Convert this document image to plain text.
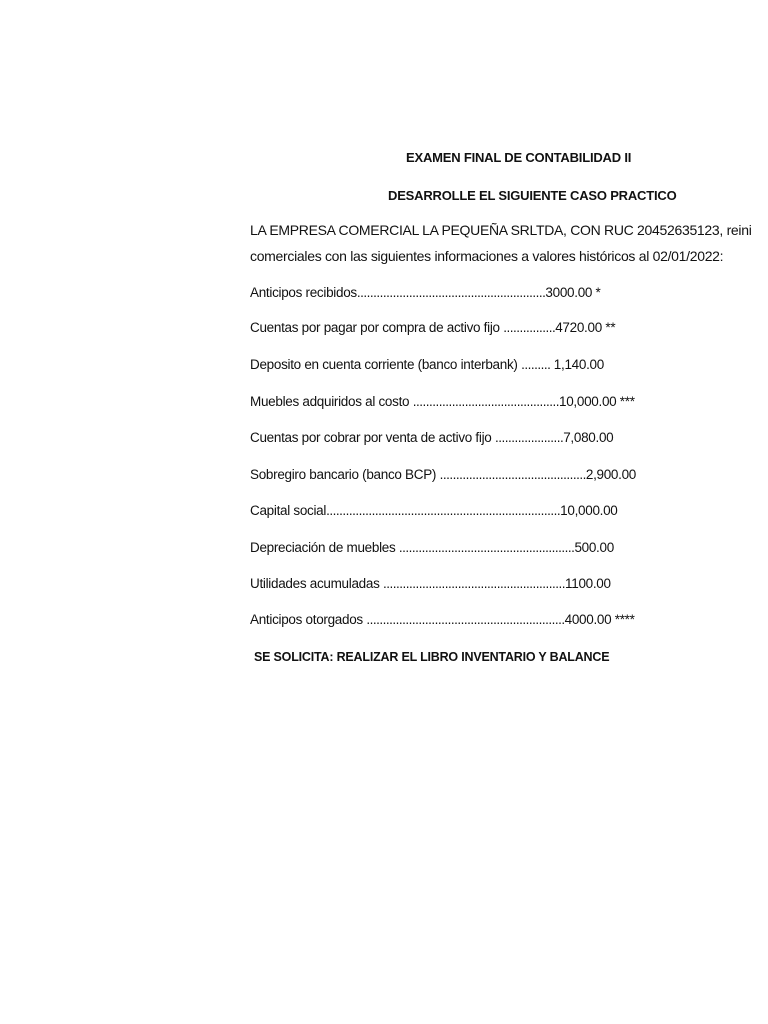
EXAMEN FINAL DE CONTABILIDAD II
DESARROLLE EL SIGUIENTE CASO PRACTICO
LA EMPRESA COMERCIAL LA PEQUEÑA SRLTDA, CON RUC 20452635123, reini
comerciales con las siguientes informaciones a valores históricos al 02/01/2022:
Anticipos recibidos..........................................................3000.00 *
Cuentas por pagar por compra de activo fijo ................4720.00 **
Deposito en cuenta corriente (banco interbank) ......... 1,140.00
Muebles adquiridos al costo .............................................10,000.00 ***
Cuentas por cobrar por venta de activo fijo .....................7,080.00
Sobregiro bancario (banco BCP) .............................................2,900.00
Capital social........................................................................10,000.00
Depreciación de muebles ......................................................500.00
Utilidades acumuladas ........................................................1100.00
Anticipos otorgados .............................................................4000.00 ****
SE SOLICITA: REALIZAR EL LIBRO INVENTARIO Y BALANCE
